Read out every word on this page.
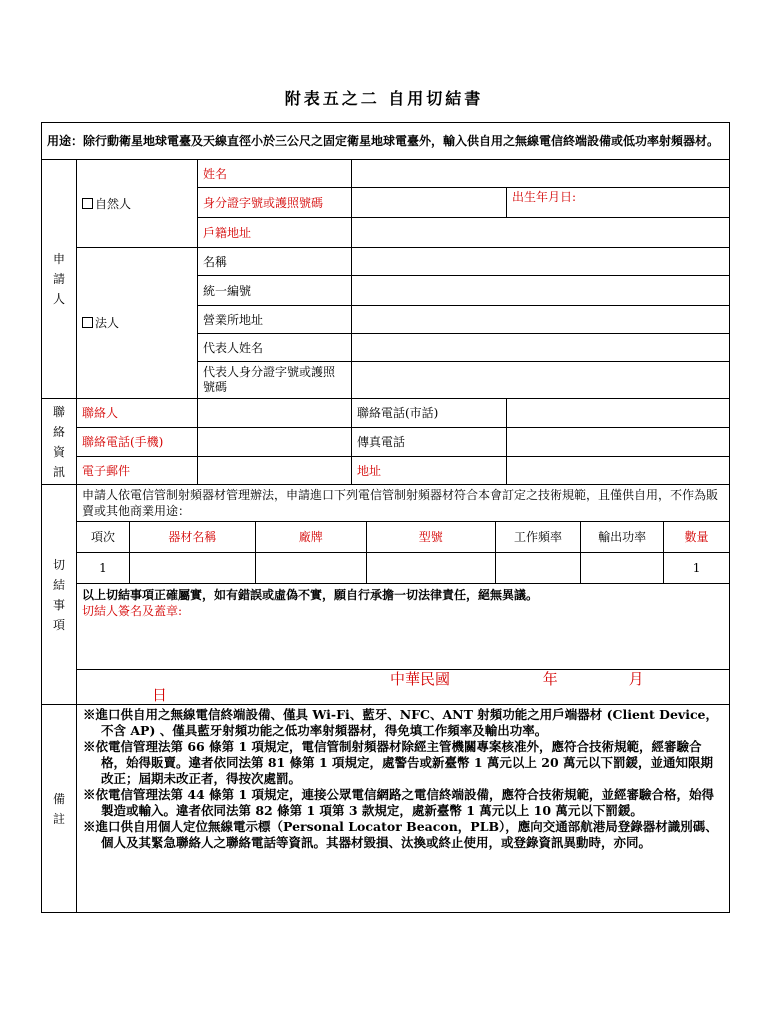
附表五之二 自用切結書
用途：除行動衛星地球電臺及天線直徑小於三公尺之固定衛星地球電臺外，輸入供自用之無線電信終端設備或低功率射頻器材。

申
請
人
	自然人	姓名	
身分證字號或護照號碼		出生年月日:
戶籍地址	
法人	名稱	
統一編號	
營業所地址	
代表人姓名	
代表人身分證字號或護照號碼	

聯
絡
資
訊
	聯絡人		聯絡電話(市話)	
聯絡電話(手機)		傳真電話	
電子郵件		地址	

切
結
事
項
	申請人依電信管制射頻器材管理辦法，申請進口下列電信管制射頻器材符合本會訂定之技術規範，且僅供自用，不作為販賣或其他商業用途：

項次	器材名稱	廠牌	型號	工作頻率	輸出功率	數量
1						1

以上切結事項正確屬實，如有錯誤或虛偽不實，願自行承擔一切法律責任，絕無異議。
切結人簽名及蓋章:

中華民國	年	月 日

備
註

※進口供自用之無線電信終端設備、僅具 Wi-Fi、藍牙、NFC、ANT 射頻功能之用戶端器材 (Client Device，不含 AP) 、僅具藍牙射頻功能之低功率射頻器材，得免填工作頻率及輸出功率。

※依電信管理法第 66 條第 1 項規定，電信管制射頻器材除經主管機關專案核准外，應符合技術規範，經審驗合格，始得販賣。違者依同法第 81 條第 1 項規定，處警告或新臺幣 1 萬元以上 20 萬元以下罰鍰，並通知限期改正；屆期未改正者，得按次處罰。

※依電信管理法第 44 條第 1 項規定，連接公眾電信網路之電信終端設備，應符合技術規範，並經審驗合格，始得製造或輸入。違者依同法第 82 條第 1 項第 3 款規定，處新臺幣 1 萬元以上 10 萬元以下罰鍰。

※進口供自用個人定位無線電示標（Personal Locator Beacon，PLB），應向交通部航港局登錄器材識別碼、個人及其緊急聯絡人之聯絡電話等資訊。其器材毀損、汰換或終止使用，或登錄資訊異動時，亦同。
